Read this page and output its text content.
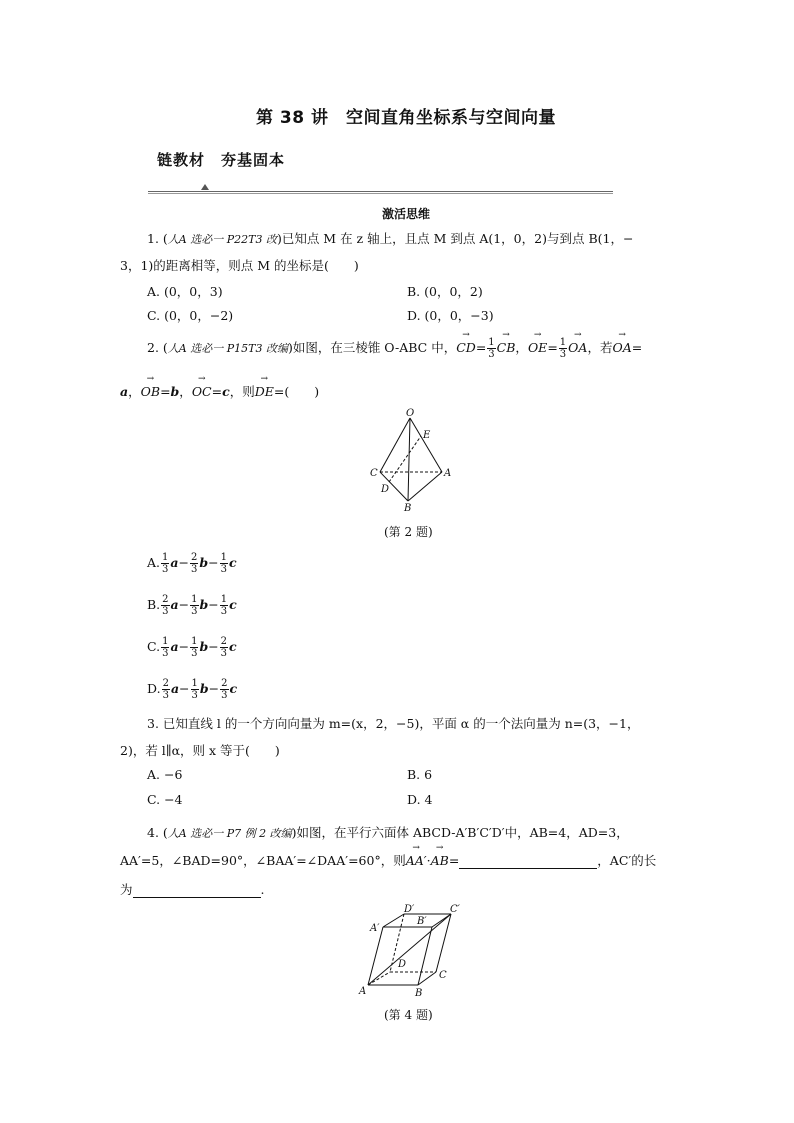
第 38 讲　空间直角坐标系与空间向量
链教材　夯基固本
激活思维
1. (人A 选必一 P22T3 改)已知点 M 在 z 轴上，且点 M 到点 A(1，0，2)与到点 B(1，−
3，1)的距离相等，则点 M 的坐标是(　　)
A. (0，0，3)	B. (0，0，2)
C. (0，0，−2)	D. (0，0，−3)
2. (人A 选必一 P15T3 改编)如图，在三棱锥 O-ABC 中，→ $CD= \frac{1}{3}$ → CB，→ $OE= \frac{1}{3}$ → OA，若→ OA=
a，→ OB=b，→ OC=c，则→ DE=(　　)
O
E
C	A
D
B
(第 2 题)
A. $\frac{1}{3} a- \frac{2}{3} b- \frac{1}{3}$ c
B. $\frac{2}{3} a- \frac{1}{3} b- \frac{1}{3}$ c
C. $\frac{1}{3} a- \frac{1}{3} b- \frac{2}{3}$ c
D. $\frac{2}{3} a- \frac{1}{3} b- \frac{2}{3}$ c
3. 已知直线 l 的一个方向向量为 m=(x，2，−5)，平面 α 的一个法向量为 n=(3，−1，
2)，若 l∥α，则 x 等于(　　)
A. −6	B. 6
C. −4	D. 4
4. (人A 选必一 P7 例 2 改编)如图，在平行六面体 ABCD-A′B′C′D′中，AB=4，AD=3，
AA′=5，∠BAD=90°，∠BAA′=∠DAA′=60°，则→ AA′·→ AB=	，AC′的长
为	.
D′
B′
C′
A′
D
C
A	B
(第 4 题)
